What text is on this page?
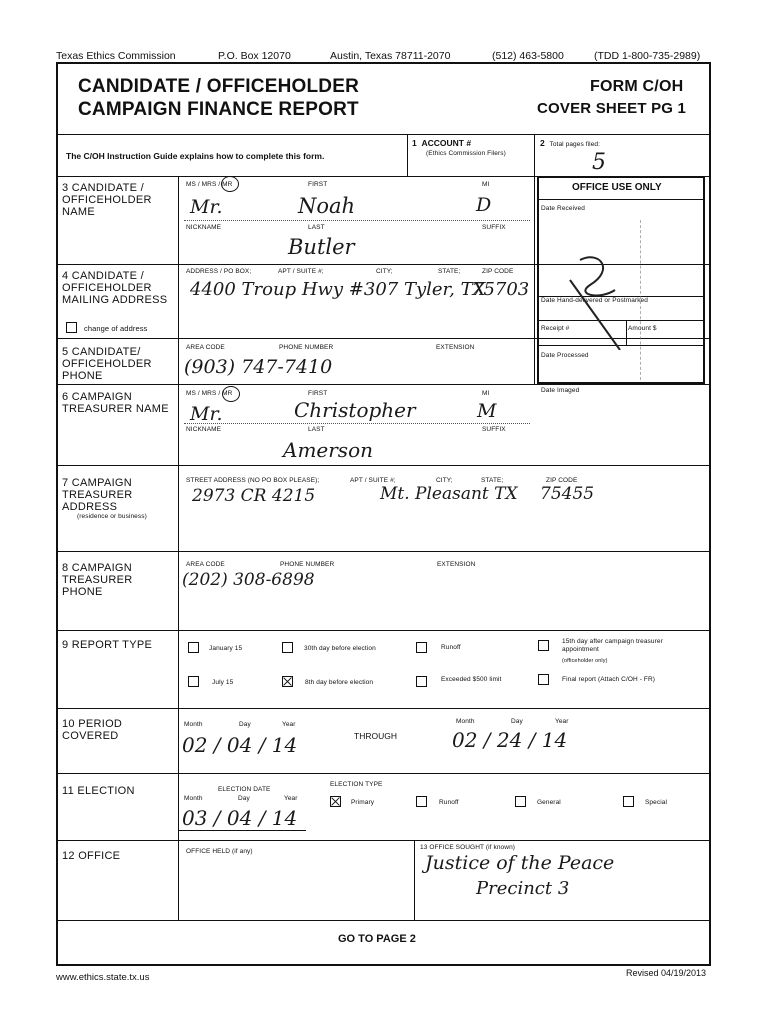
Texas Ethics Commission	P.O. Box 12070	Austin, Texas 78711-2070	(512) 463-5800	(TDD 1-800-735-2989)
CANDIDATE / OFFICEHOLDER
CAMPAIGN FINANCE REPORT
FORM C/OH
COVER SHEET PG 1
OFFICE USE ONLY
Date Received
Date Hand-delivered or Postmarked
Receipt #	Amount $
Date Processed
Date Imaged
The C/OH Instruction Guide explains how to complete this form.
1 ACCOUNT #
(Ethics Commission Filers)
2 Total pages filed:
5
3 CANDIDATE / OFFICEHOLDER NAME
MS / MRS / MR	FIRST	MI
Mr.	Noah	D
NICKNAME	LAST	SUFFIX
Butler
4 CANDIDATE / OFFICEHOLDER MAILING ADDRESS
ADDRESS / PO BOX;	APT / SUITE #;	CITY;	STATE;	ZIP CODE
4400 Troup Hwy #307 Tyler, TX
75703
change of address
5 CANDIDATE/ OFFICEHOLDER PHONE
AREA CODE	PHONE NUMBER	EXTENSION
(903) 747-7410
6 CAMPAIGN TREASURER NAME
MS / MRS / MR	FIRST	MI
Mr.	Christopher	M
NICKNAME	LAST	SUFFIX
Amerson
7 CAMPAIGN TREASURER ADDRESS
(residence or business)
STREET ADDRESS (NO PO BOX PLEASE);	APT / SUITE #;	CITY;	STATE;	ZIP CODE
2973 CR 4215	Mt. Pleasant TX 75455
8 CAMPAIGN TREASURER PHONE
AREA CODE	PHONE NUMBER	EXTENSION
(202) 308-6898
9 REPORT TYPE	January 15	30th day before election	Runoff
15th day after campaign treasurer appointment
(officeholder only)
July 15	8th day before election	Exceeded $500 limit	Final report (Attach C/OH - FR)
10 PERIOD COVERED
Month	Day	Year
02 / 04 / 14	THROUGH
Month	Day	Year
02 / 24 / 14
11 ELECTION	ELECTION DATE
Month	Day	Year
03 / 04 / 14
ELECTION TYPE
Primary	Runoff	General	Special
12 OFFICE	OFFICE HELD (if any)
13 OFFICE SOUGHT (if known)
Justice of the Peace
Precinct 3
GO TO PAGE 2
www.ethics.state.tx.us	Revised 04/19/2013
